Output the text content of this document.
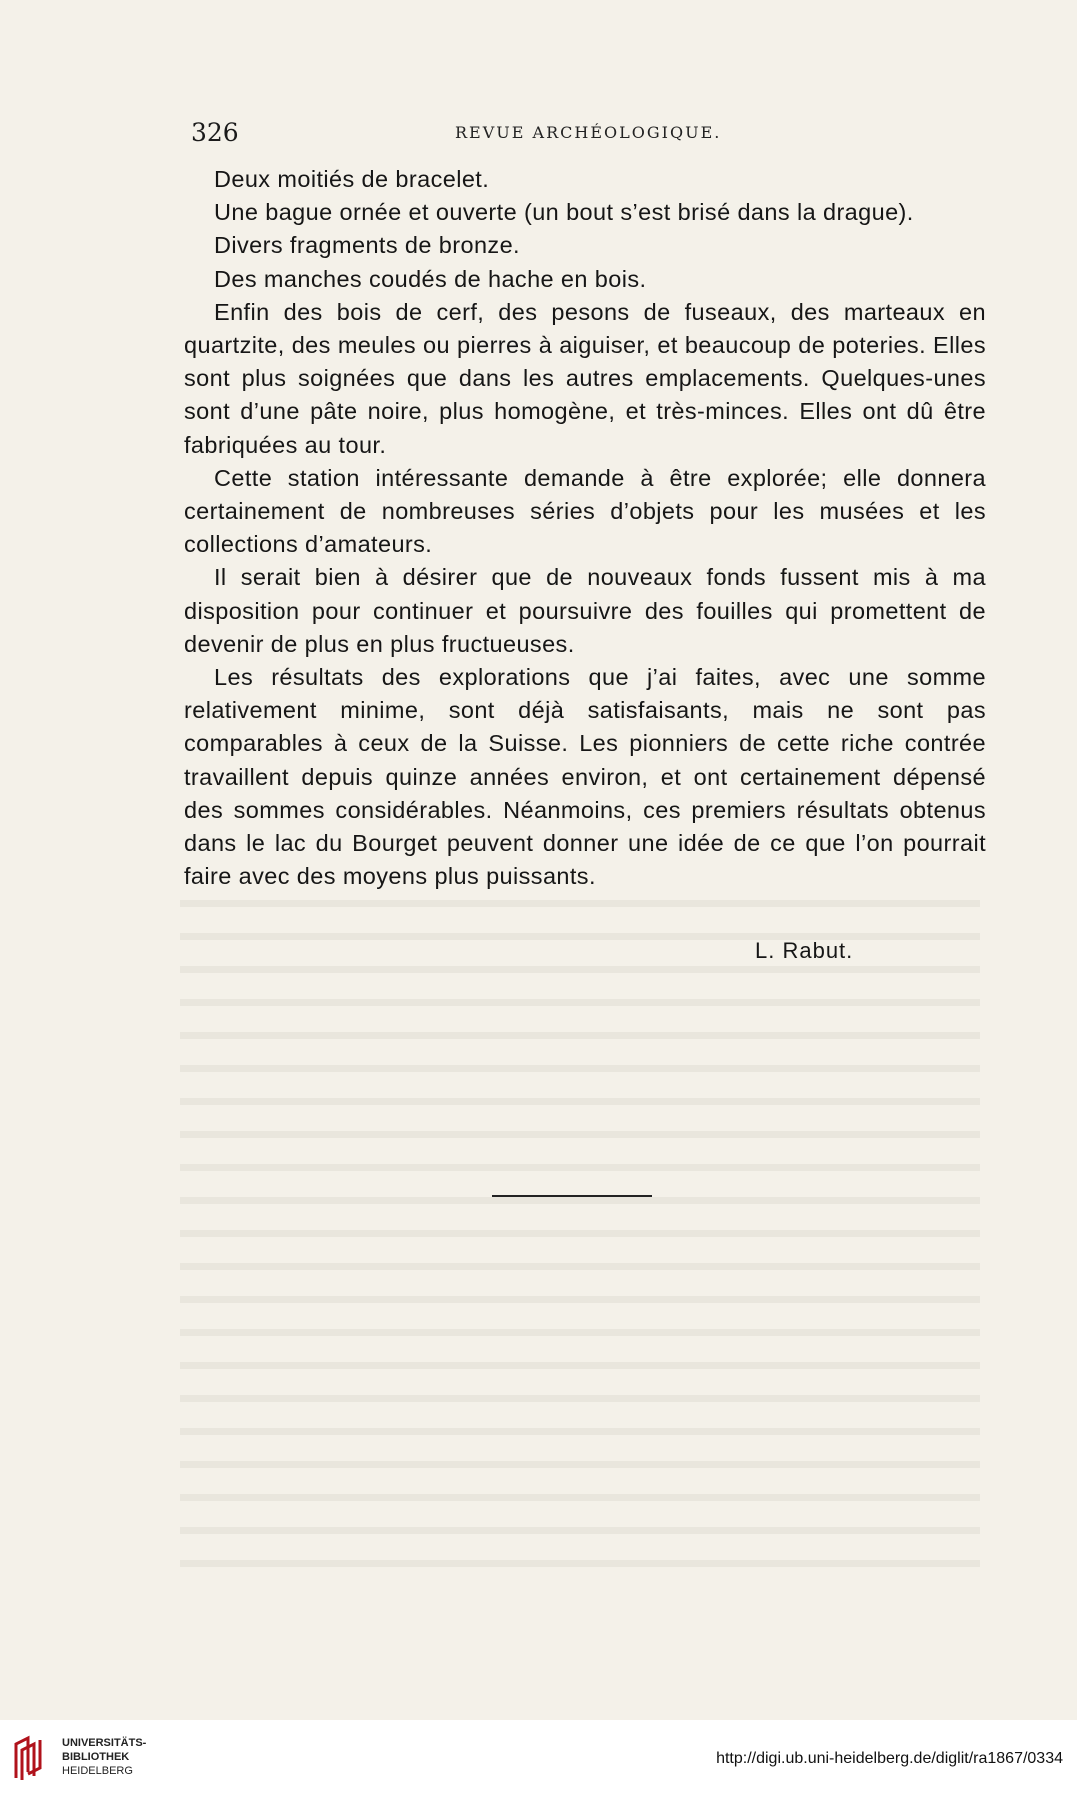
326	REVUE ARCHÉOLOGIQUE.

Deux moitiés de bracelet.

Une bague ornée et ouverte (un bout s’est brisé dans la drague).

Divers fragments de bronze.

Des manches coudés de hache en bois.

Enfin des bois de cerf, des pesons de fuseaux, des marteaux en quartzite, des meules ou pierres à aiguiser, et beaucoup de poteries. Elles sont plus soignées que dans les autres emplacements. Quelques-unes sont d’une pâte noire, plus homogène, et très-minces. Elles ont dû être fabriquées au tour.

Cette station intéressante demande à être explorée; elle donnera certainement de nombreuses séries d’objets pour les musées et les collections d’amateurs.

Il serait bien à désirer que de nouveaux fonds fussent mis à ma disposition pour continuer et poursuivre des fouilles qui promettent de devenir de plus en plus fructueuses.

Les résultats des explorations que j’ai faites, avec une somme relativement minime, sont déjà satisfaisants, mais ne sont pas comparables à ceux de la Suisse. Les pionniers de cette riche contrée travaillent depuis quinze années environ, et ont certainement dépensé des sommes considérables. Néanmoins, ces premiers résultats obtenus dans le lac du Bourget peuvent donner une idée de ce que l’on pourrait faire avec des moyens plus puissants.

L. Rabut.
UNIVERSITÄTS-
BIBLIOTHEK
HEIDELBERG
http://digi.ub.uni-heidelberg.de/diglit/ra1867/0334
